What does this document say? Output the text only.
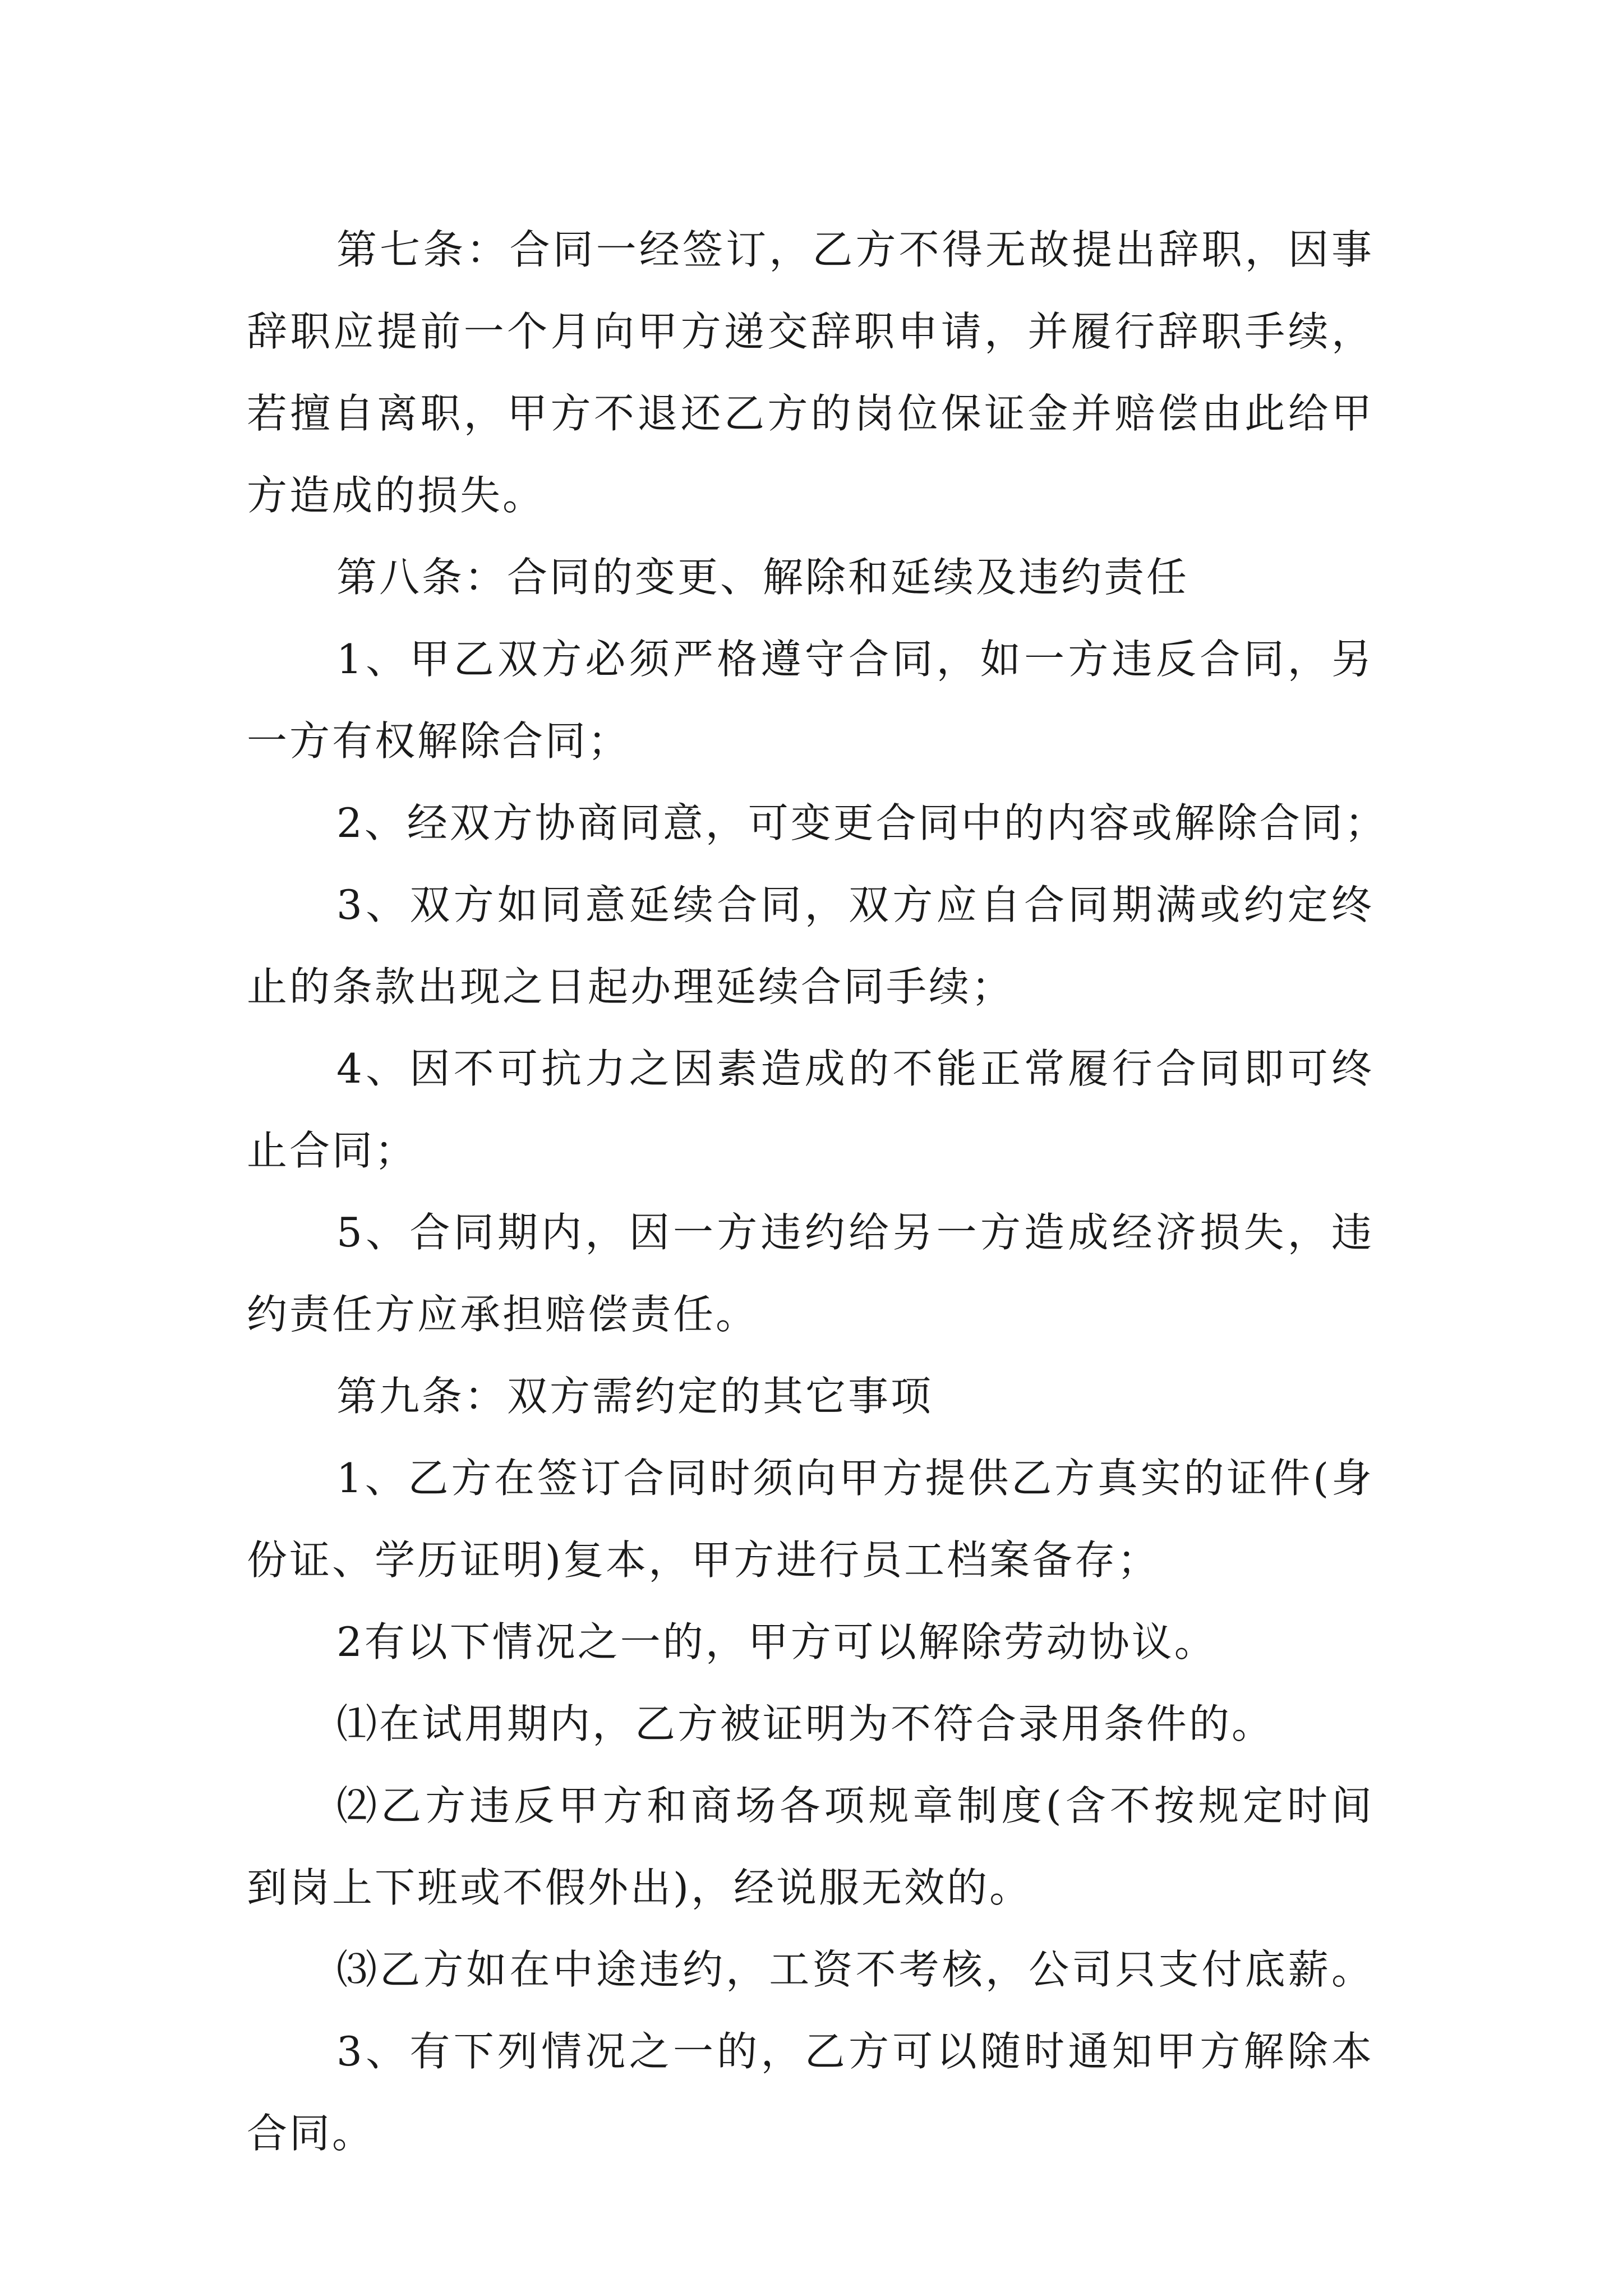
第七条：合同一经签订，乙方不得无故提出辞职，因事
辞职应提前一个月向甲方递交辞职申请，并履行辞职手续，
若擅自离职，甲方不退还乙方的岗位保证金并赔偿由此给甲
方造成的损失。
第八条：合同的变更、解除和延续及违约责任
1、甲乙双方必须严格遵守合同，如一方违反合同，另
一方有权解除合同；
2、经双方协商同意，可变更合同中的内容或解除合同；
3、双方如同意延续合同，双方应自合同期满或约定终
止的条款出现之日起办理延续合同手续；
4、因不可抗力之因素造成的不能正常履行合同即可终
止合同；
5、合同期内，因一方违约给另一方造成经济损失，违
约责任方应承担赔偿责任。
第九条：双方需约定的其它事项
1、乙方在签订合同时须向甲方提供乙方真实的证件(身
份证、学历证明)复本，甲方进行员工档案备存；
2有以下情况之一的，甲方可以解除劳动协议。
⑴在试用期内，乙方被证明为不符合录用条件的。
⑵乙方违反甲方和商场各项规章制度(含不按规定时间
到岗上下班或不假外出)，经说服无效的。
⑶乙方如在中途违约，工资不考核，公司只支付底薪。
3、有下列情况之一的，乙方可以随时通知甲方解除本
合同。
